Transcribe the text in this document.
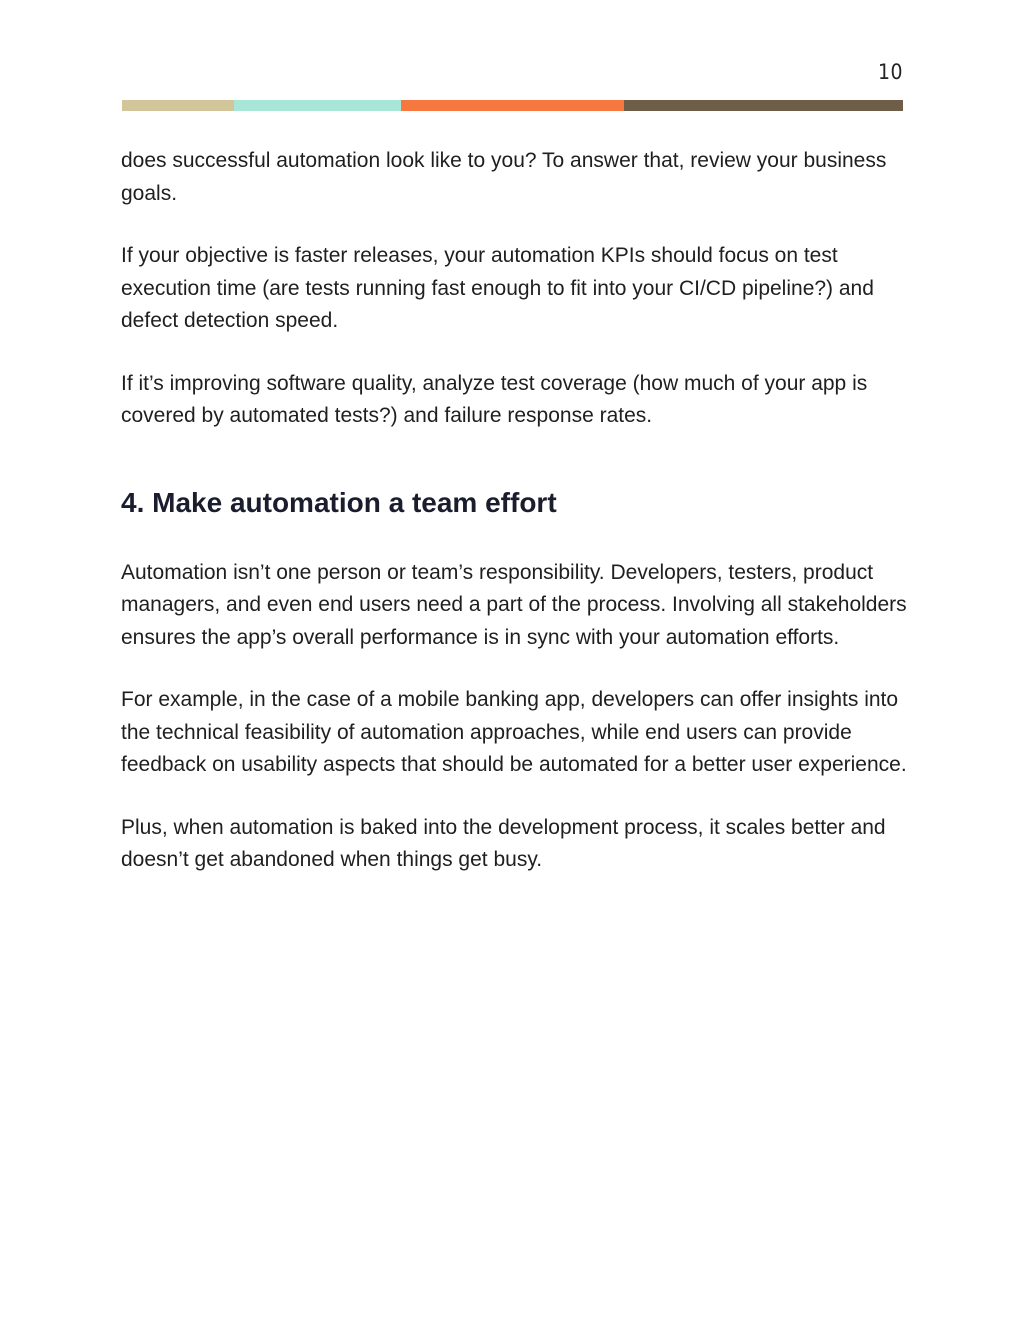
10

does successful automation look like to you? To answer that, review your business goals.

If your objective is faster releases, your automation KPIs should focus on test execution time (are tests running fast enough to fit into your CI/CD pipeline?) and defect detection speed.

If it’s improving software quality, analyze test coverage (how much of your app is covered by automated tests?) and failure response rates.

4. Make automation a team effort

Automation isn’t one person or team’s responsibility. Developers, testers, product managers, and even end users need a part of the process. Involving all stakeholders ensures the app’s overall performance is in sync with your automation efforts.

For example, in the case of a mobile banking app, developers can offer insights into the technical feasibility of automation approaches, while end users can provide feedback on usability aspects that should be automated for a better user experience.

Plus, when automation is baked into the development process, it scales better and doesn’t get abandoned when things get busy.
